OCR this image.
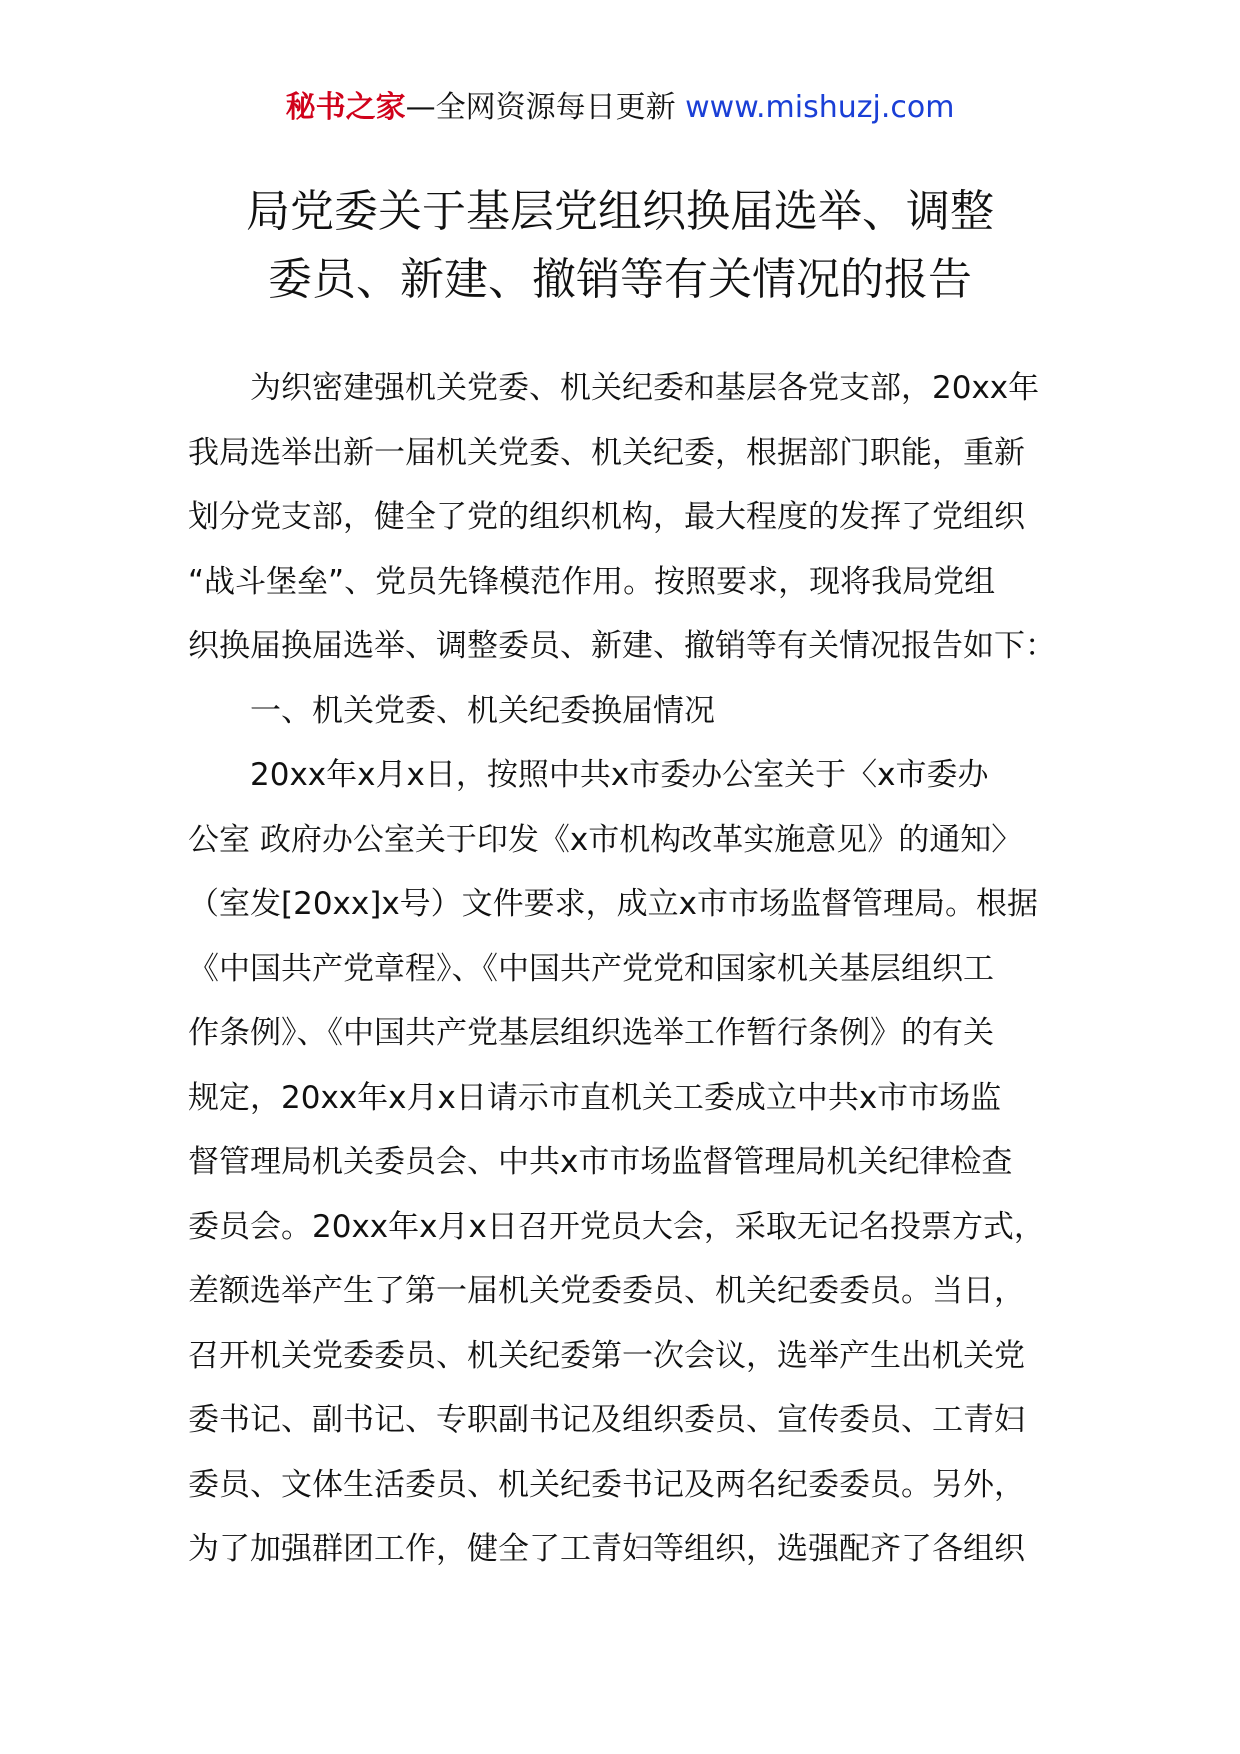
秘书之家—全网资源每日更新 www.mishuzj.com
局党委关于基层党组织换届选举、调整
委员、新建、撤销等有关情况的报告
为织密建强机关党委、机关纪委和基层各党支部，20xx年
我局选举出新一届机关党委、机关纪委，根据部门职能，重新
划分党支部，健全了党的组织机构，最大程度的发挥了党组织
“战斗堡垒”、党员先锋模范作用。按照要求，现将我局党组
织换届换届选举、调整委员、新建、撤销等有关情况报告如下：
一、机关党委、机关纪委换届情况
20xx年x月x日，按照中共x市委办公室关于〈x市委办
公室 政府办公室关于印发《x市机构改革实施意见》的通知〉
（室发[20xx]x号）文件要求，成立x市市场监督管理局。根据
《中国共产党章程》、《中国共产党党和国家机关基层组织工
作条例》、《中国共产党基层组织选举工作暂行条例》的有关
规定，20xx年x月x日请示市直机关工委成立中共x市市场监
督管理局机关委员会、中共x市市场监督管理局机关纪律检查
委员会。20xx年x月x日召开党员大会，采取无记名投票方式，
差额选举产生了第一届机关党委委员、机关纪委委员。当日，
召开机关党委委员、机关纪委第一次会议，选举产生出机关党
委书记、副书记、专职副书记及组织委员、宣传委员、工青妇
委员、文体生活委员、机关纪委书记及两名纪委委员。另外，
为了加强群团工作，健全了工青妇等组织，选强配齐了各组织
